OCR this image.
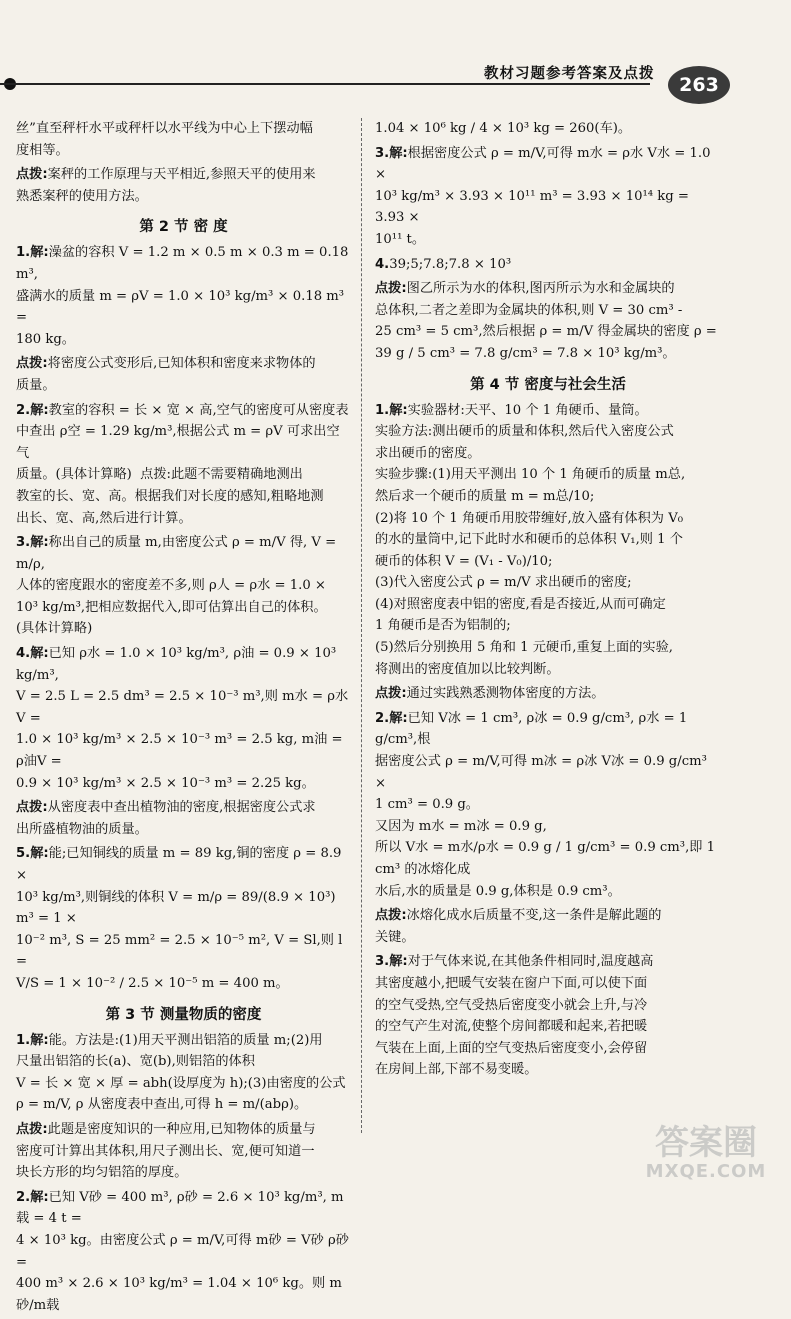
教材习题参考答案及点拨	263
丝”直至秤杆水平或秤杆以水平线为中心上下摆动幅
度相等。
点拨:案秤的工作原理与天平相近,参照天平的使用来
熟悉案秤的使用方法。
第 2 节 密 度
1.解:澡盆的容积 V = 1.2 m × 0.5 m × 0.3 m = 0.18 m³,
盛满水的质量 m = ρV = 1.0 × 10³ kg/m³ × 0.18 m³ =
180 kg。
点拨:将密度公式变形后,已知体积和密度来求物体的
质量。
2.解:教室的容积 = 长 × 宽 × 高,空气的密度可从密度表
中查出 ρ空 = 1.29 kg/m³,根据公式 m = ρV 可求出空气
质量。(具体计算略)  点拨:此题不需要精确地测出
教室的长、宽、高。根据我们对长度的感知,粗略地测
出长、宽、高,然后进行计算。
3.解:称出自己的质量 m,由密度公式 ρ = m/V 得, V = m/ρ,
人体的密度跟水的密度差不多,则 ρ人 = ρ水 = 1.0 ×
10³ kg/m³,把相应数据代入,即可估算出自己的体积。
(具体计算略)
4.解:已知 ρ水 = 1.0 × 10³ kg/m³, ρ油 = 0.9 × 10³ kg/m³,
V = 2.5 L = 2.5 dm³ = 2.5 × 10⁻³ m³,则 m水 = ρ水V =
1.0 × 10³ kg/m³ × 2.5 × 10⁻³ m³ = 2.5 kg, m油 = ρ油V =
0.9 × 10³ kg/m³ × 2.5 × 10⁻³ m³ = 2.25 kg。
点拨:从密度表中查出植物油的密度,根据密度公式求
出所盛植物油的质量。
5.解:能;已知铜线的质量 m = 89 kg,铜的密度 ρ = 8.9 ×
10³ kg/m³,则铜线的体积 V = m/ρ = 89/(8.9 × 10³) m³ = 1 ×
10⁻² m³, S = 25 mm² = 2.5 × 10⁻⁵ m², V = Sl,则 l =
V/S = 1 × 10⁻² / 2.5 × 10⁻⁵ m = 400 m。
第 3 节 测量物质的密度
1.解:能。方法是:(1)用天平测出铝箔的质量 m;(2)用
尺量出铝箔的长(a)、宽(b),则铝箔的体积
V = 长 × 宽 × 厚 = abh(设厚度为 h);(3)由密度的公式
ρ = m/V, ρ 从密度表中查出,可得 h = m/(abρ)。
点拨:此题是密度知识的一种应用,已知物体的质量与
密度可计算出其体积,用尺子测出长、宽,便可知道一
块长方形的均匀铝箔的厚度。
2.解:已知 V砂 = 400 m³, ρ砂 = 2.6 × 10³ kg/m³, m载 = 4 t =
4 × 10³ kg。由密度公式 ρ = m/V,可得 m砂 = V砂 ρ砂 =
400 m³ × 2.6 × 10³ kg/m³ = 1.04 × 10⁶ kg。则 m砂/m载
1.04 × 10⁶ kg / 4 × 10³ kg = 260(车)。
3.解:根据密度公式 ρ = m/V,可得 m水 = ρ水 V水 = 1.0 ×
10³ kg/m³ × 3.93 × 10¹¹ m³ = 3.93 × 10¹⁴ kg = 3.93 ×
10¹¹ t。
4.39;5;7.8;7.8 × 10³
点拨:图乙所示为水的体积,图丙所示为水和金属块的
总体积,二者之差即为金属块的体积,则 V = 30 cm³ -
25 cm³ = 5 cm³,然后根据 ρ = m/V 得金属块的密度 ρ =
39 g / 5 cm³ = 7.8 g/cm³ = 7.8 × 10³ kg/m³。
第 4 节 密度与社会生活
1.解:实验器材:天平、10 个 1 角硬币、量筒。
实验方法:测出硬币的质量和体积,然后代入密度公式
求出硬币的密度。
实验步骤:(1)用天平测出 10 个 1 角硬币的质量 m总,
然后求一个硬币的质量 m = m总/10;
(2)将 10 个 1 角硬币用胶带缠好,放入盛有体积为 V₀
的水的量筒中,记下此时水和硬币的总体积 V₁,则 1 个
硬币的体积 V = (V₁ - V₀)/10;
(3)代入密度公式 ρ = m/V 求出硬币的密度;
(4)对照密度表中铝的密度,看是否接近,从而可确定
1 角硬币是否为铝制的;
(5)然后分别换用 5 角和 1 元硬币,重复上面的实验,
将测出的密度值加以比较判断。
点拨:通过实践熟悉测物体密度的方法。
2.解:已知 V冰 = 1 cm³, ρ冰 = 0.9 g/cm³, ρ水 = 1 g/cm³,根
据密度公式 ρ = m/V,可得 m冰 = ρ冰 V冰 = 0.9 g/cm³ ×
1 cm³ = 0.9 g。
又因为 m水 = m冰 = 0.9 g,
所以 V水 = m水/ρ水 = 0.9 g / 1 g/cm³ = 0.9 cm³,即 1 cm³ 的冰熔化成
水后,水的质量是 0.9 g,体积是 0.9 cm³。
点拨:冰熔化成水后质量不变,这一条件是解此题的
关键。
3.解:对于气体来说,在其他条件相同时,温度越高
其密度越小,把暖气安装在窗户下面,可以使下面
的空气受热,空气受热后密度变小就会上升,与冷
的空气产生对流,使整个房间都暖和起来,若把暖
气装在上面,上面的空气变热后密度变小,会停留
在房间上部,下部不易变暖。
答案圈
MXQE.COM
